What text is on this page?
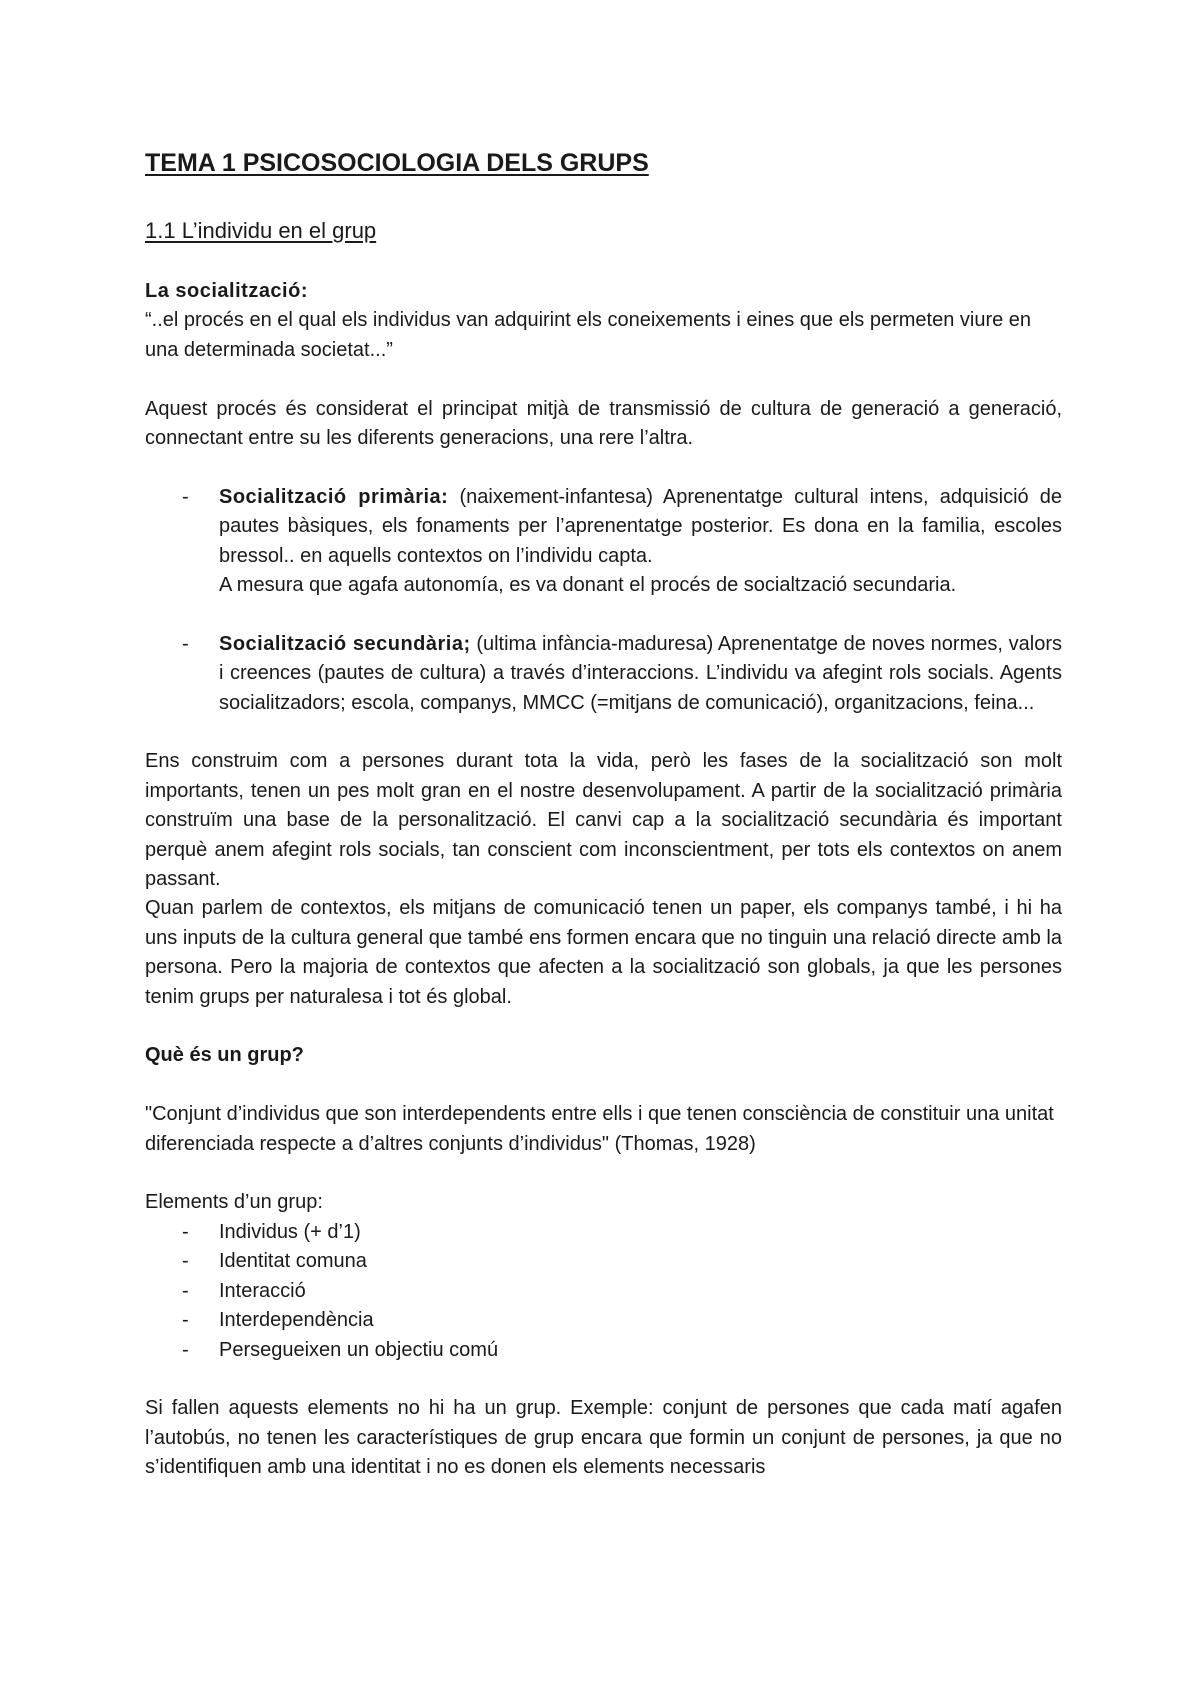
TEMA 1 PSICOSOCIOLOGIA DELS GRUPS
1.1 L’individu en el grup

La socialització:

“..el procés en el qual els individus van adquirint els coneixements i eines que els permeten viure en una determinada societat...”

Aquest procés és considerat el principat mitjà de transmissió de cultura de generació a generació, connectant entre su les diferents generacions, una rere l’altra.

- Socialització primària: (naixement-infantesa) Aprenentatge cultural intens, adquisició de pautes bàsiques, els fonaments per l’aprenentatge posterior. Es dona en la familia, escoles bressol.. en aquells contextos on l’individu capta.
A mesura que agafa autonomía, es va donant el procés de socialtzació secundaria.
- Socialització secundària; (ultima infància-maduresa) Aprenentatge de noves normes, valors i creences (pautes de cultura) a través d’interaccions. L’individu va afegint rols socials. Agents socialitzadors; escola, companys, MMCC (=mitjans de comunicació), organitzacions, feina...

Ens construim com a persones durant tota la vida, però les fases de la socialització son molt importants, tenen un pes molt gran en el nostre desenvolupament. A partir de la socialització primària construïm una base de la personalització. El canvi cap a la socialització secundària és important perquè anem afegint rols socials, tan conscient com inconscientment, per tots els contextos on anem passant.

Quan parlem de contextos, els mitjans de comunicació tenen un paper, els companys també, i hi ha uns inputs de la cultura general que també ens formen encara que no tinguin una relació directe amb la persona. Pero la majoria de contextos que afecten a la socialització son globals, ja que les persones tenim grups per naturalesa i tot és global.

Què és un grup?

"Conjunt d’individus que son interdependents entre ells i que tenen consciència de constituir una unitat diferenciada respecte a d’altres conjunts d’individus" (Thomas, 1928)

Elements d’un grup:

- Individus (+ d’1)
- Identitat comuna
- Interacció
- Interdependència
- Persegueixen un objectiu comú

Si fallen aquests elements no hi ha un grup. Exemple: conjunt de persones que cada matí agafen l’autobús, no tenen les característiques de grup encara que formin un conjunt de persones, ja que no s’identifiquen amb una identitat i no es donen els elements necessaris
